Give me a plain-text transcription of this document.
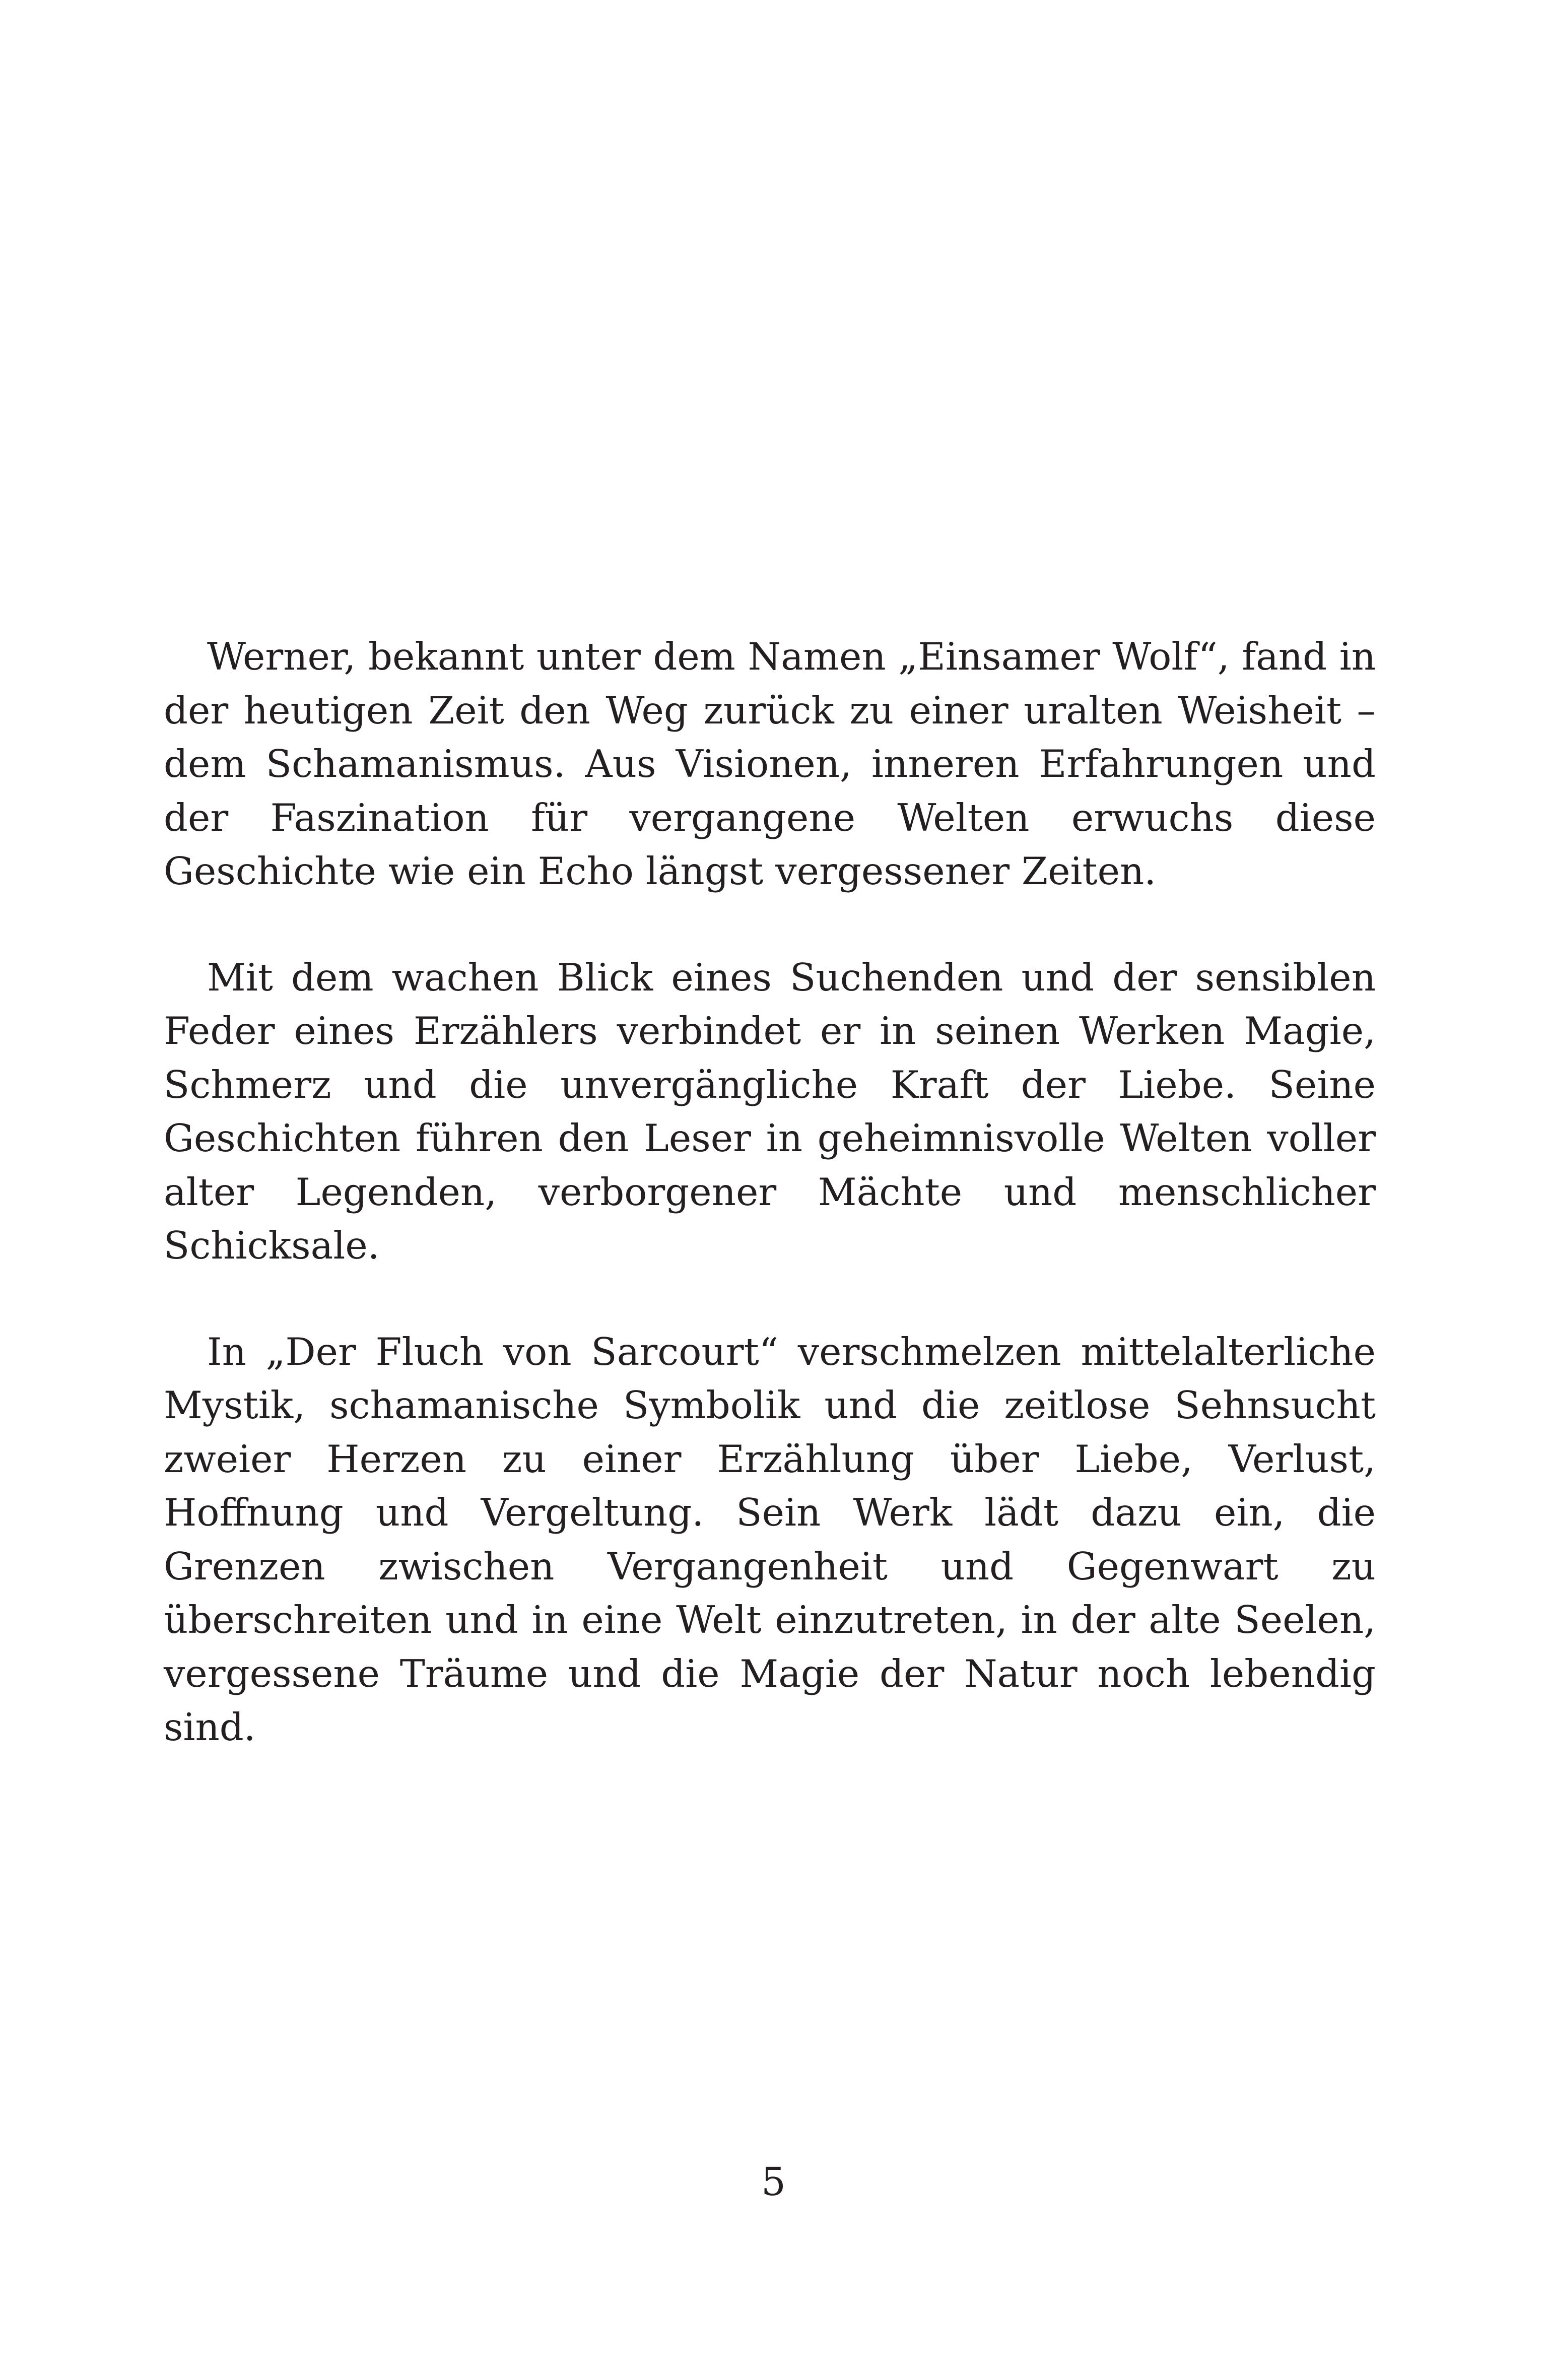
Werner, bekannt unter dem Namen „Einsamer Wolf“, fand in der heutigen Zeit den Weg zurück zu einer uralten Weisheit – dem Schamanismus. Aus Visionen, inneren Erfahrungen und der Faszination für vergangene Welten erwuchs diese Geschichte wie ein Echo längst vergessener Zeiten.

Mit dem wachen Blick eines Suchenden und der sensiblen Feder eines Erzählers verbindet er in seinen Werken Magie, Schmerz und die unvergängliche Kraft der Liebe. Seine Geschichten führen den Leser in geheimnisvolle Welten voller alter Legenden, verborgener Mächte und menschlicher Schicksale.

In „Der Fluch von Sarcourt“ verschmelzen mittelalterliche Mystik, schamanische Symbolik und die zeitlose Sehnsucht zweier Herzen zu einer Erzählung über Liebe, Verlust, Hoffnung und Vergeltung. Sein Werk lädt dazu ein, die Grenzen zwischen Vergangenheit und Gegenwart zu überschreiten und in eine Welt einzutreten, in der alte Seelen, vergessene Träume und die Magie der Natur noch lebendig sind.

5
